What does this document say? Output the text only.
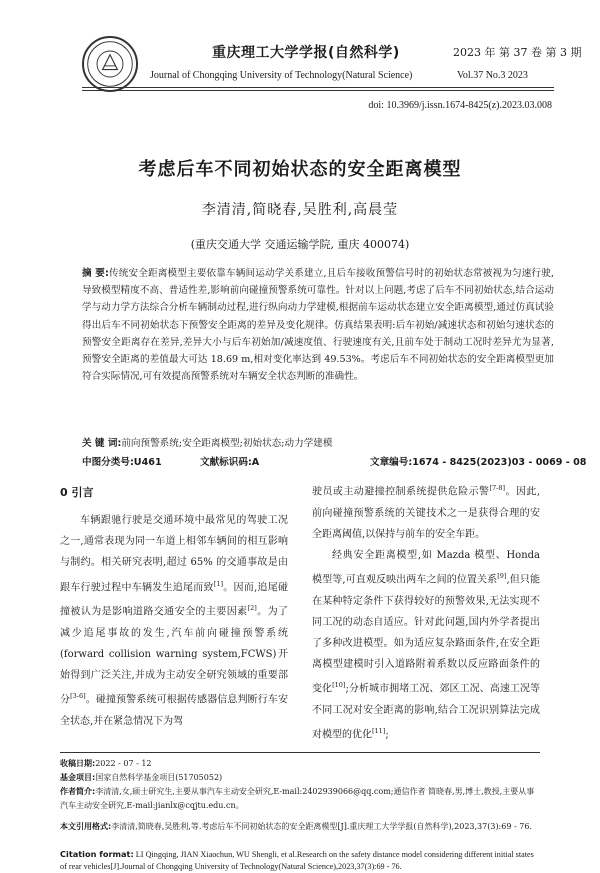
重庆理工大学学报(自然科学)
Journal of Chongqing University of Technology(Natural Science)
2023 年 第 37 卷 第 3 期
Vol.37 No.3 2023
doi: 10.3969/j.issn.1674-8425(z).2023.03.008
考虑后车不同初始状态的安全距离模型
李清清,简晓春,吴胜利,高晨莹
(重庆交通大学 交通运输学院, 重庆 400074)
摘 要:传统安全距离模型主要依靠车辆间运动学关系建立,且后车接收预警信号时的初始状态常被视为匀速行驶,导致模型精度不高、普适性差,影响前向碰撞预警系统可靠性。针对以上问题,考虑了后车不同初始状态,结合运动学与动力学方法综合分析车辆制动过程,进行纵向动力学建模,根据前车运动状态建立安全距离模型,通过仿真试验得出后车不同初始状态下预警安全距离的差异及变化规律。仿真结果表明:后车初始/减速状态和初始匀速状态的预警安全距离存在差异,差异大小与后车初始加/减速度值、行驶速度有关,且前车处于制动工况时差异尤为显著,预警安全距离的差值最大可达 18.69 m,相对变化率达到 49.53%。考虑后车不同初始状态的安全距离模型更加符合实际情况,可有效提高预警系统对车辆安全状态判断的准确性。
关 键 词:前向预警系统;安全距离模型;初始状态;动力学建模
中图分类号:U461	文献标识码:A	文章编号:1674 - 8425(2023)03 - 0069 - 08
0 引言

车辆跟驰行驶是交通环境中最常见的驾驶工况之一,通常表现为同一车道上相邻车辆间的相互影响与制约。相关研究表明,超过 65% 的交通事故是由跟车行驶过程中车辆发生追尾而致[1]。因而,追尾碰撞被认为是影响道路交通安全的主要因素[2]。为了减少追尾事故的发生,汽车前向碰撞预警系统(forward collision warning system,FCWS)开始得到广泛关注,并成为主动安全研究领域的重要部分[3-6]。碰撞预警系统可根据传感器信息判断行车安全状态,并在紧急情况下为驾

驶员或主动避撞控制系统提供危险示警[7-8]。因此,前向碰撞预警系统的关键技术之一是获得合理的安全距离阈值,以保持与前车的安全车距。

经典安全距离模型,如 Mazda 模型、Honda 模型等,可直观反映出两车之间的位置关系[9],但只能在某种特定条件下获得较好的预警效果,无法实现不同工况的动态自适应。针对此问题,国内外学者提出了多种改进模型。如为适应复杂路面条件,在安全距离模型建模时引入道路附着系数以反应路面条件的变化[10];分析城市拥堵工况、郊区工况、高速工况等不同工况对安全距离的影响,结合工况识别算法完成对模型的优化[11];

收稿日期:2022 - 07 - 12
基金项目:国家自然科学基金项目(51705052)
作者简介:李清清,女,硕士研究生,主要从事汽车主动安全研究,E-mail:2402939066@qq.com;通信作者 简晓春,男,博士,教授,主要从事汽车主动安全研究,E-mail:jianlx@cqjtu.edu.cn。
本文引用格式:李清清,简晓春,吴胜利,等.考虑后车不同初始状态的安全距离模型[J].重庆理工大学学报(自然科学),2023,37(3):69 - 76.
Citation format: LI Qingqing, JIAN Xiaochun, WU Shengli, et al.Research on the safety distance model considering different initial states of rear vehicles[J].Journal of Chongqing University of Technology(Natural Science),2023,37(3):69 - 76.
